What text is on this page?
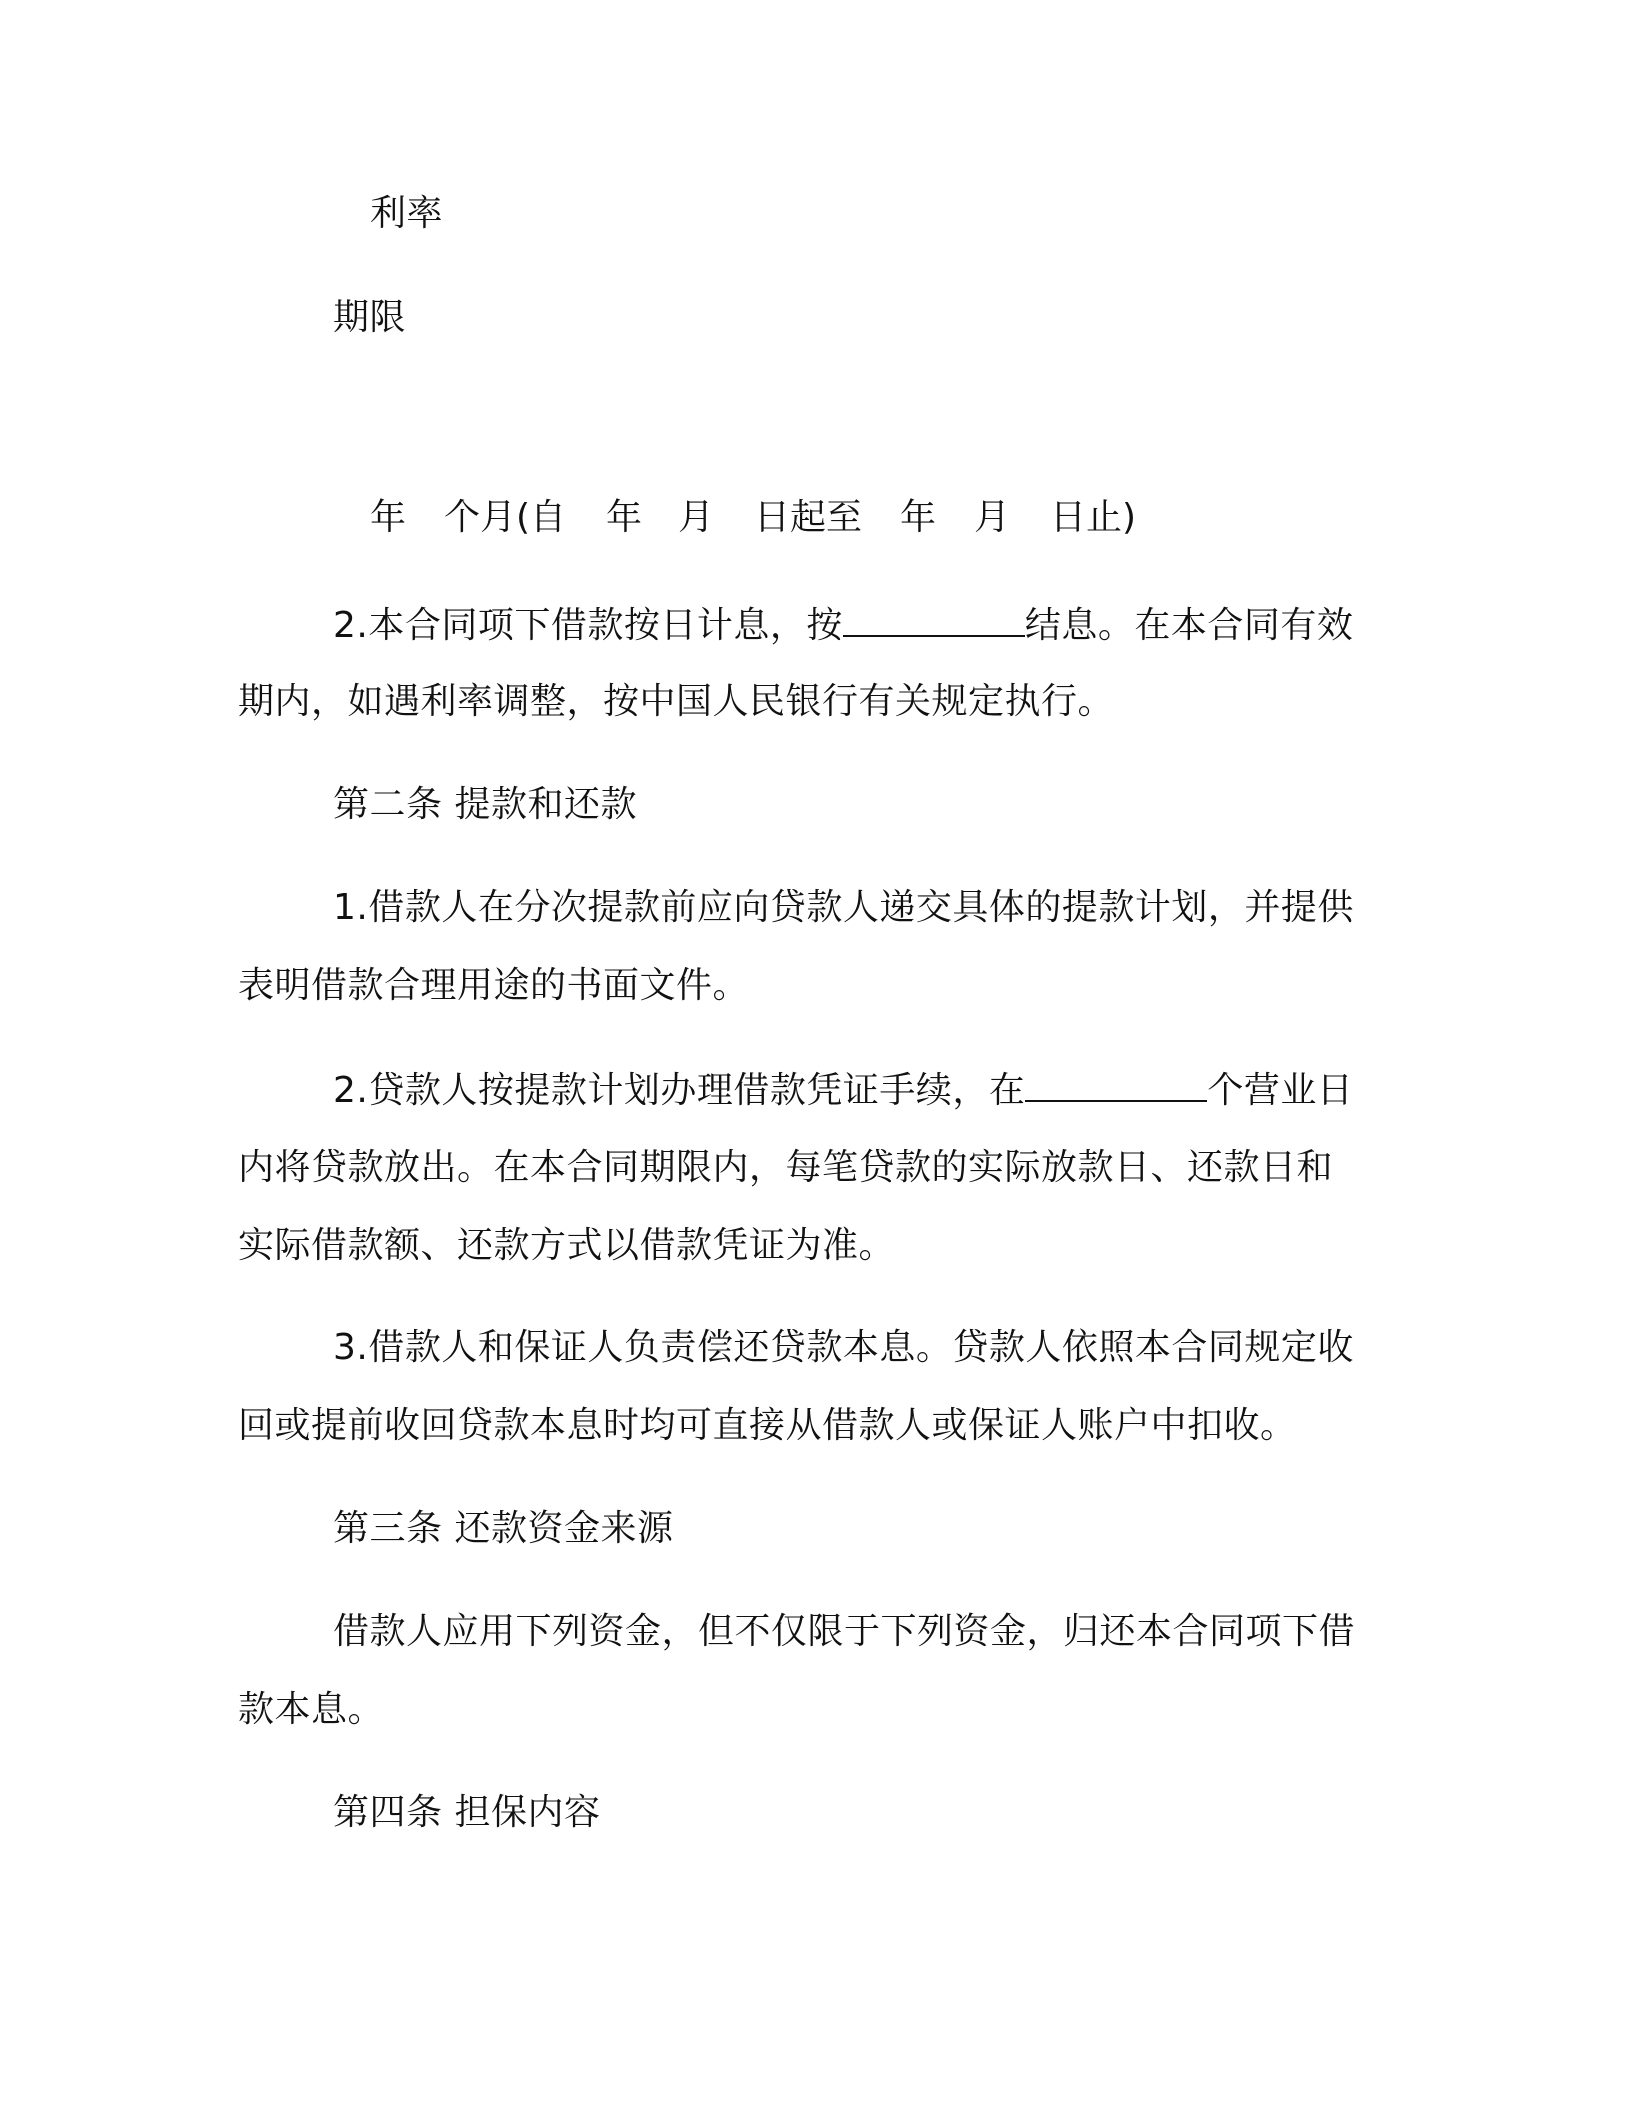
利率
期限
年 个月(自 年 月 日起至 年 月 日止)
2.本合同项下借款按日计息，按	结息。在本合同有效
期内，如遇利率调整，按中国人民银行有关规定执行。
第二条 提款和还款
1.借款人在分次提款前应向贷款人递交具体的提款计划，并提供
表明借款合理用途的书面文件。
2.贷款人按提款计划办理借款凭证手续，在	个营业日
内将贷款放出。在本合同期限内，每笔贷款的实际放款日、还款日和
实际借款额、还款方式以借款凭证为准。
3.借款人和保证人负责偿还贷款本息。贷款人依照本合同规定收
回或提前收回贷款本息时均可直接从借款人或保证人账户中扣收。
第三条 还款资金来源
借款人应用下列资金，但不仅限于下列资金，归还本合同项下借
款本息。
第四条 担保内容
